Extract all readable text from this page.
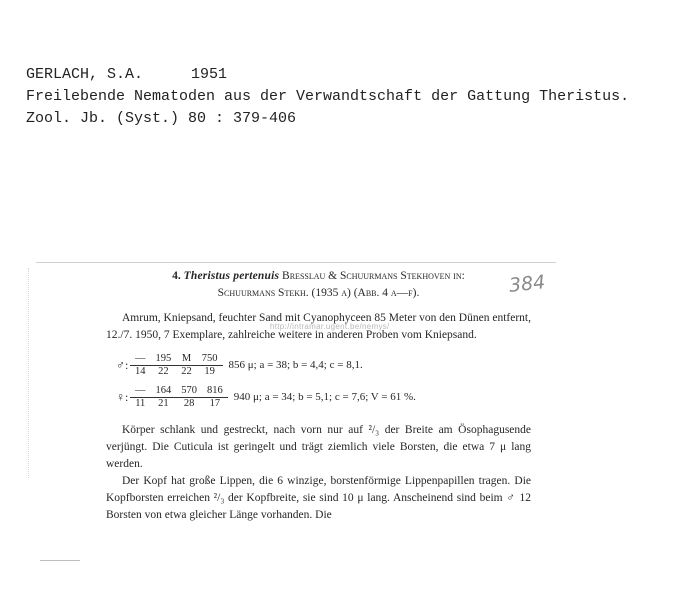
GERLACH, S.A.	1951
Freilebende Nematoden aus der Verwandtschaft der Gattung Theristus.
Zool. Jb. (Syst.) 80 : 379-406
384
http://intramar.ugent.be/nemys/
4. Theristus pertenuis Bresslau & Schuurmans Stekhoven in:
Schuurmans Stekh. (1935 a) (Abb. 4 a—f).

Amrum, Kniepsand, feuchter Sand mit Cyanophyceen 85 Meter von den Dünen entfernt, 12./7. 1950, 7 Exemplare, zahlreiche weitere in anderen Proben vom Kniepsand.

♂: —	195	M	750
14	22	22	19
856 μ; a = 38; b = 4,4; c = 8,1.
♀: —	164	570	816
11	21	28	17
940 μ; a = 34; b = 5,1; c = 7,6; V = 61 %.

Körper schlank und gestreckt, nach vorn nur auf ²/₃ der Breite am Ösophagusende verjüngt. Die Cuticula ist geringelt und trägt ziemlich viele Borsten, die etwa 7 μ lang werden.

Der Kopf hat große Lippen, die 6 winzige, borstenförmige Lippenpapillen tragen. Die Kopfborsten erreichen ²/₃ der Kopfbreite, sie sind 10 μ lang. Anscheinend sind beim ♂ 12 Borsten von etwa gleicher Länge vorhanden. Die
